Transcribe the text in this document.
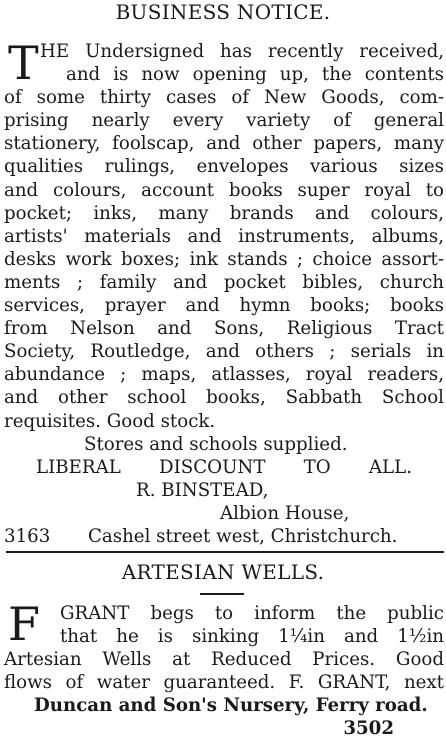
BUSINESS NOTICE.
T HE Undersigned has recently received,
and is now opening up, the contents
of some thirty cases of New Goods, com-
prising nearly every variety of general
stationery, foolscap, and other papers, many
qualities rulings, envelopes various sizes
and colours, account books super royal to
pocket; inks, many brands and colours,
artists' materials and instruments, albums,
desks work boxes; ink stands ; choice assort-
ments ; family and pocket bibles, church
services, prayer and hymn books; books
from Nelson and Sons, Religious Tract
Society, Routledge, and others ; serials in
abundance ; maps, atlasses, royal readers,
and other school books, Sabbath School
requisites. Good stock.
Stores and schools supplied.
LIBERAL DISCOUNT TO ALL.
R. BINSTEAD,
Albion House,
3163 Cashel street west, Christchurch.
ARTESIAN WELLS.
F GRANT begs to inform the public
that he is sinking 1¼in and 1½in
Artesian Wells at Reduced Prices. Good
flows of water guaranteed. F. GRANT, next
Duncan and Son's Nursery, Ferry road.
3502
